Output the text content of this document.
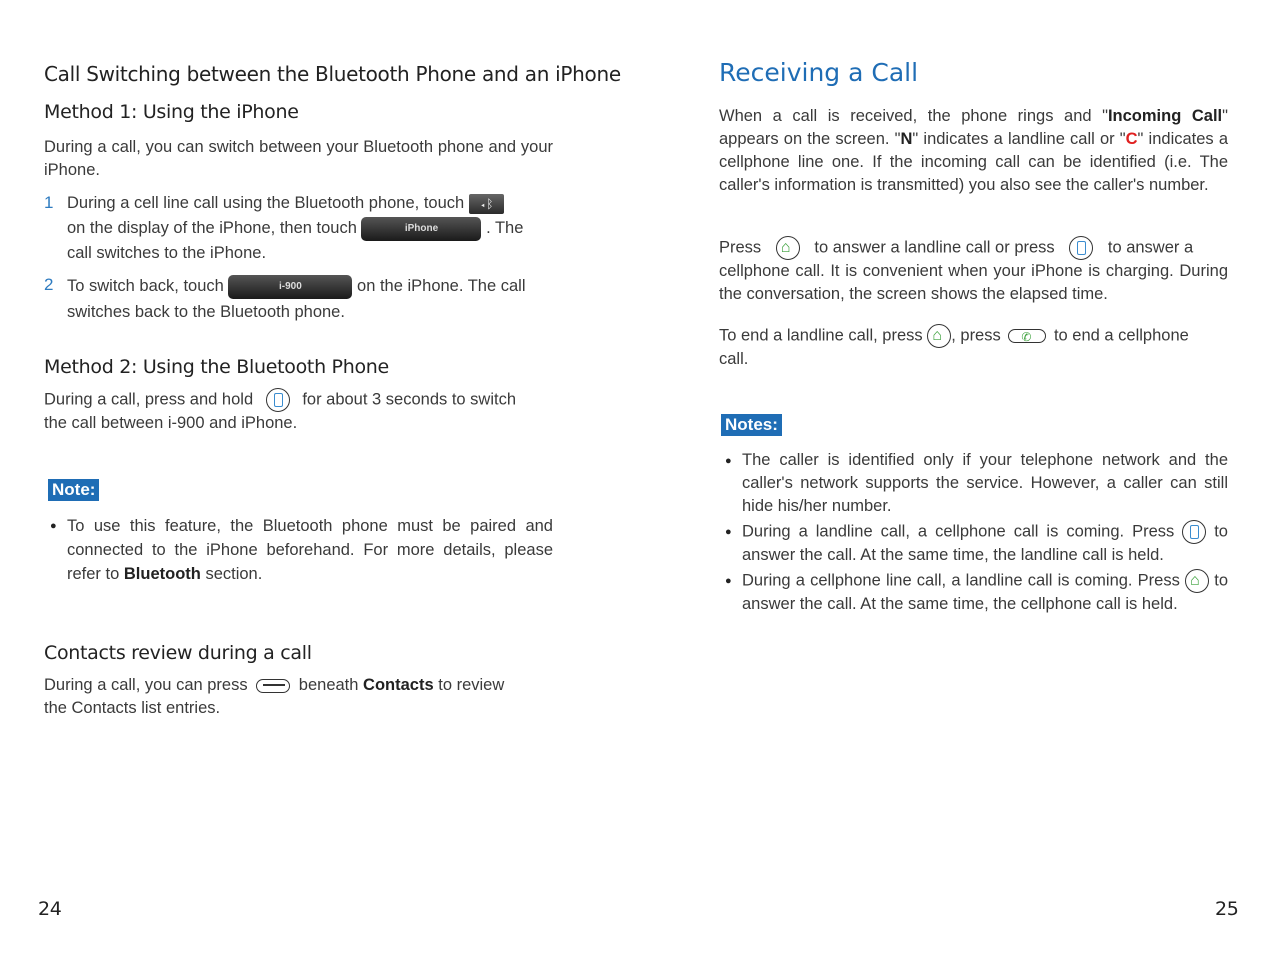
Call Switching between the Bluetooth Phone and an iPhone
Method 1: Using the iPhone
During a call, you can switch between your Bluetooth phone and your iPhone.
1 During a cell line call using the Bluetooth phone, touch ◂ᛒ
on the display of the iPhone, then touch	iPhone	. The
call switches to the iPhone.
2 To switch back, touch	i-900	on the iPhone. The call
switches back to the Bluetooth phone.
Method 2: Using the Bluetooth Phone
During a call, press and hold	for about 3 seconds to switch
the call between i-900 and iPhone.
Note:
● To use this feature, the Bluetooth phone must be paired and connected to the iPhone beforehand. For more details, please refer to Bluetooth section.
Contacts review during a call
During a call, you can press	beneath Contacts to review
the Contacts list entries.
24
Receiving a Call
When a call is received, the phone rings and "Incoming Call" appears on the screen. "N" indicates a landline call or "C" indicates a cellphone line one. If the incoming call can be identified (i.e. The caller's information is transmitted) you also see the caller's number.
Press ⌂	to answer a landline call or press	to answer a
cellphone call. It is convenient when your iPhone is charging. During the conversation, the screen shows the elapsed time.
To end a landline call, press ⌂ , press ✆	to end a cellphone
call.
Notes:
● The caller is identified only if your telephone network and the caller's network supports the service. However, a caller can still hide his/her number.
● During a landline call, a cellphone call is coming. Press to answer the call. At the same time, the landline call is held.
● During a cellphone line call, a landline call is coming. Press ⌂ to answer the call. At the same time, the cellphone call is held.
25
